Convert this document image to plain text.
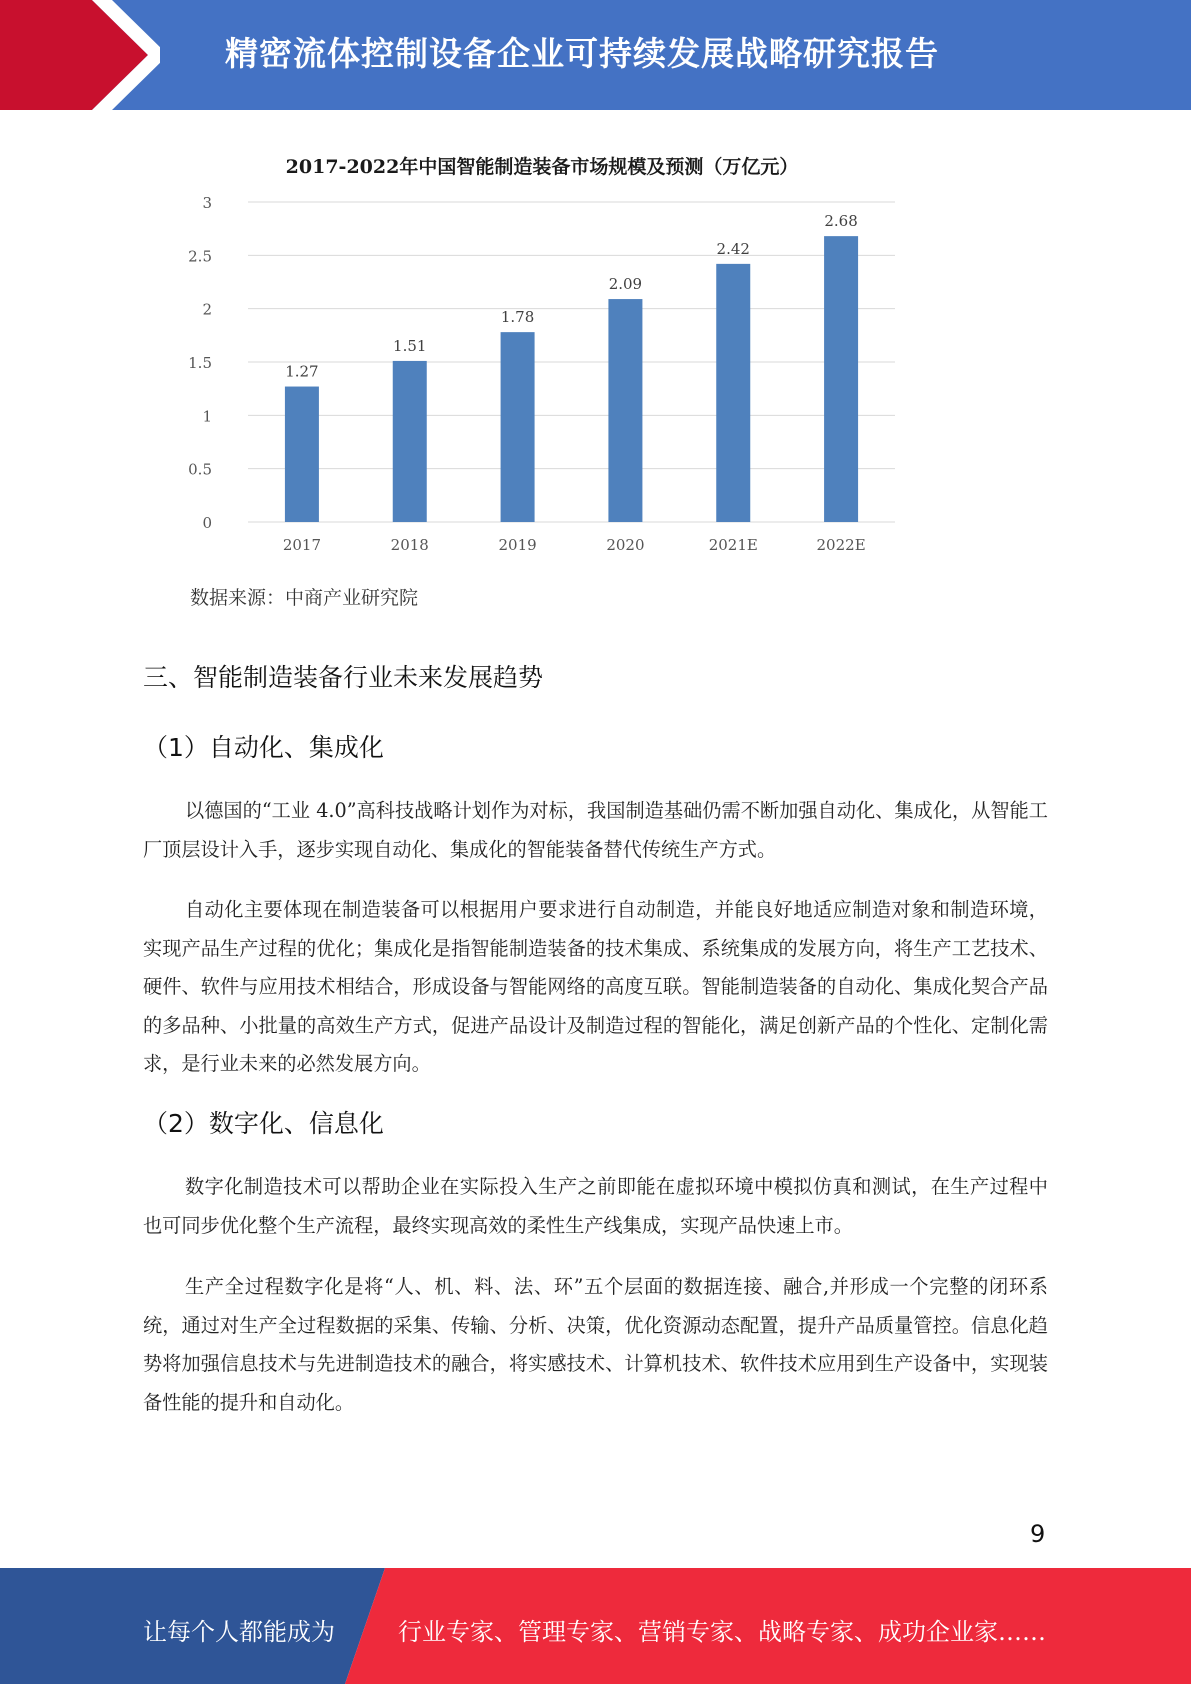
精密流体控制设备企业可持续发展战略研究报告
2017-2022年中国智能制造装备市场规模及预测（万亿元）
0
0.5
1
1.5
2
2.5
3
1.27
1.51
1.78
2.09
2.42
2.68
2017	2018	2019	2020	2021E	2022E
数据来源：中商产业研究院
三、智能制造装备行业未来发展趋势
（1）自动化、集成化

以德国的“工业 4.0”高科技战略计划作为对标，我国制造基础仍需不断加强自动化、集成化，从智能工厂顶层设计入手，逐步实现自动化、集成化的智能装备替代传统生产方式。

自动化主要体现在制造装备可以根据用户要求进行自动制造，并能良好地适应制造对象和制造环境，实现产品生产过程的优化；集成化是指智能制造装备的技术集成、系统集成的发展方向，将生产工艺技术、硬件、软件与应用技术相结合，形成设备与智能网络的高度互联。智能制造装备的自动化、集成化契合产品的多品种、小批量的高效生产方式，促进产品设计及制造过程的智能化，满足创新产品的个性化、定制化需求，是行业未来的必然发展方向。

（2）数字化、信息化

数字化制造技术可以帮助企业在实际投入生产之前即能在虚拟环境中模拟仿真和测试，在生产过程中也可同步优化整个生产流程，最终实现高效的柔性生产线集成，实现产品快速上市。

生产全过程数字化是将“人、机、料、法、环”五个层面的数据连接、融合,并形成一个完整的闭环系统，通过对生产全过程数据的采集、传输、分析、决策，优化资源动态配置，提升产品质量管控。信息化趋势将加强信息技术与先进制造技术的融合，将实感技术、计算机技术、软件技术应用到生产设备中，实现装备性能的提升和自动化。

9
让每个人都能成为	行业专家、管理专家、营销专家、战略专家、成功企业家……
